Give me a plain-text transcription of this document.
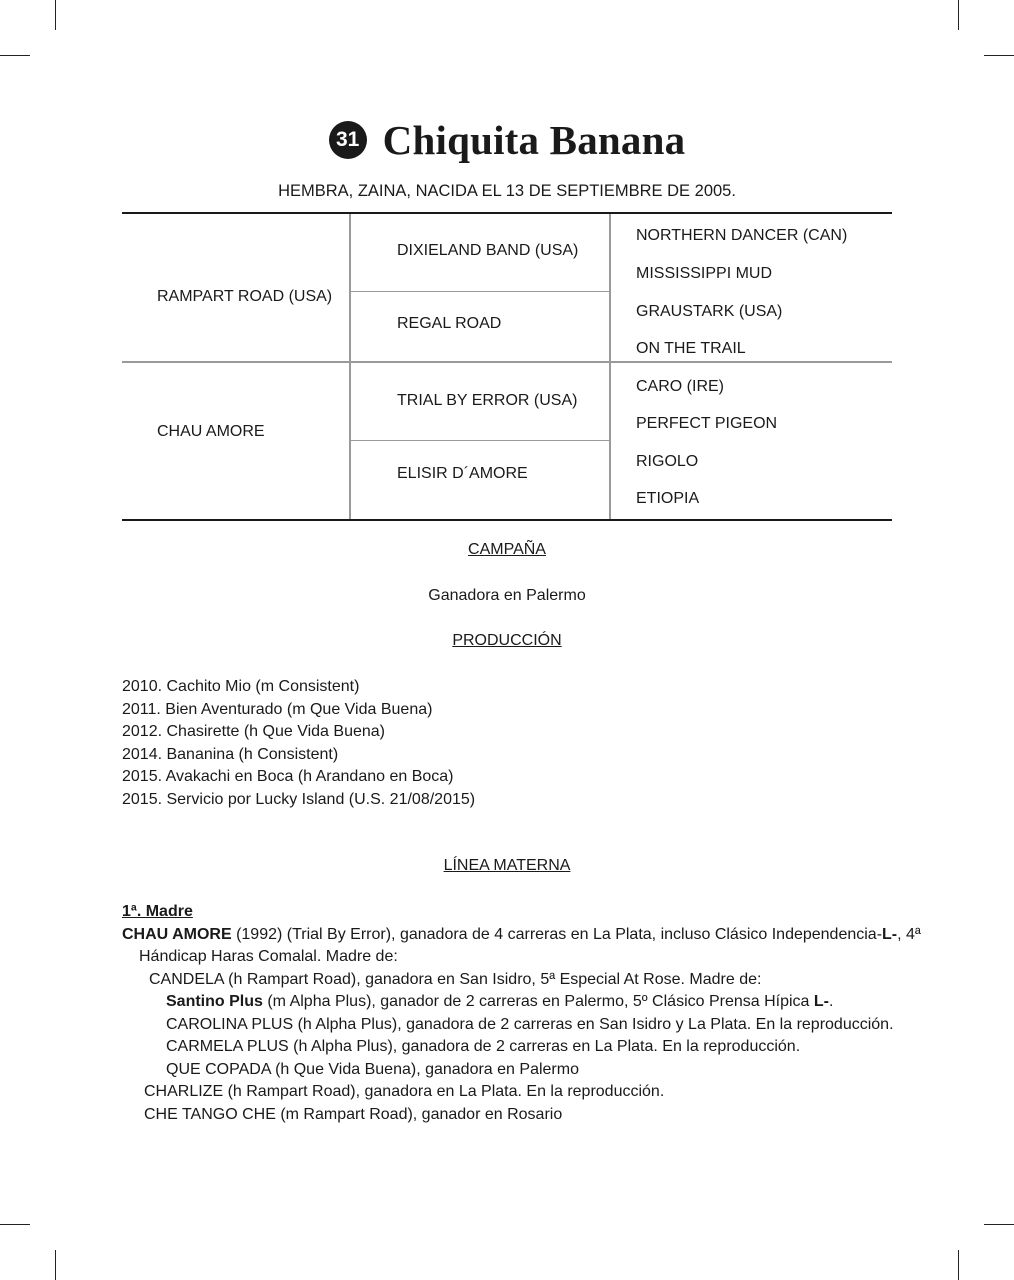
31 Chiquita Banana
HEMBRA, ZAINA, NACIDA EL 13 DE SEPTIEMBRE DE 2005.
RAMPART ROAD (USA)
CHAU AMORE
DIXIELAND BAND (USA)
REGAL ROAD
TRIAL BY ERROR (USA)
ELISIR D´AMORE
NORTHERN DANCER (CAN)
MISSISSIPPI MUD
GRAUSTARK (USA)
ON THE TRAIL
CARO (IRE)
PERFECT PIGEON
RIGOLO
ETIOPIA
CAMPAÑA
Ganadora en Palermo
PRODUCCIÓN
2010. Cachito Mio (m Consistent)
2011. Bien Aventurado (m Que Vida Buena)
2012. Chasirette (h Que Vida Buena)
2014. Bananina (h Consistent)
2015. Avakachi en Boca (h Arandano en Boca)
2015. Servicio por Lucky Island (U.S. 21/08/2015)
LÍNEA MATERNA
1ª. Madre
CHAU AMORE (1992) (Trial By Error), ganadora de 4 carreras en La Plata, incluso Clásico Independencia-L-, 4ª
Hándicap Haras Comalal. Madre de:
CANDELA (h Rampart Road), ganadora en San Isidro, 5ª Especial At Rose. Madre de:
Santino Plus (m Alpha Plus), ganador de 2 carreras en Palermo, 5º Clásico Prensa Hípica L-.
CAROLINA PLUS (h Alpha Plus), ganadora de 2 carreras en San Isidro y La Plata. En la reproducción.
CARMELA PLUS (h Alpha Plus), ganadora de 2 carreras en La Plata. En la reproducción.
QUE COPADA (h Que Vida Buena), ganadora en Palermo
CHARLIZE (h Rampart Road), ganadora en La Plata. En la reproducción.
CHE TANGO CHE (m Rampart Road), ganador en Rosario
